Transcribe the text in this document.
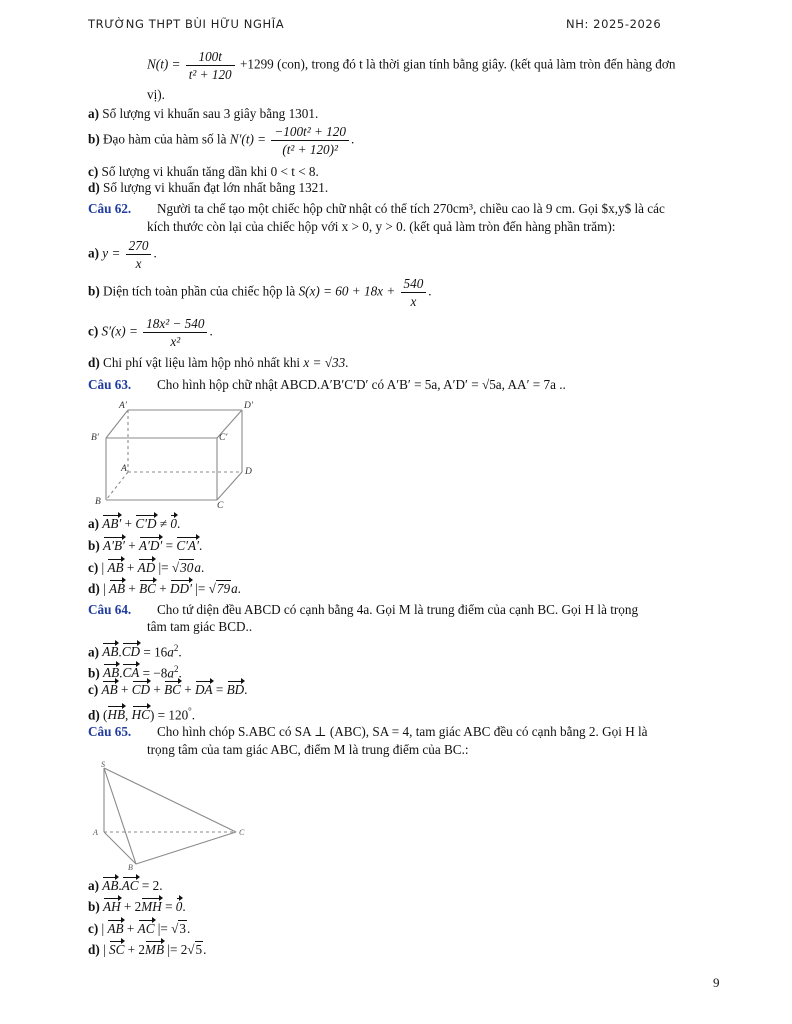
TRƯỜNG THPT BÙI HỮU NGHĨA	NH: 2025-2026
$N(t) = \frac{100t}{\text{t² + 120}} +1299$ (con), trong đó t là thời gian tính bằng giây. (kết quả làm tròn đến hàng đơn
vị).
a) Số lượng vi khuẩn sau 3 giây bằng 1301.
b) Đạo hàm của hàm số là $N'(t) = \frac{\text{−100t² + 120}}{\text{(t² + 120)²}}$ .
c) Số lượng vi khuẩn tăng dần khi 0 < t < 8.
d) Số lượng vi khuẩn đạt lớn nhất bằng 1321.
Câu 62. Người ta chế tạo một chiếc hộp chữ nhật có thể tích 270cm³, chiều cao là 9 cm. Gọi $x,y$ là các
kích thước còn lại của chiếc hộp với x > 0, y > 0. (kết quả làm tròn đến hàng phần trăm):
a) $y = \frac{270}{x}$ .
b) Diện tích toàn phần của chiếc hộp là $S(x) = 60 + 18x + \frac{540}{x}$ .
c) $S'(x) = \frac{\text{18x² − 540}}{\text{x²}}$ .
d) Chi phí vật liệu làm hộp nhỏ nhất khi x = √33.
Câu 63. Cho hình hộp chữ nhật ABCD.A′B′C′D′ có A′B′ = 5a, A′D′ = √5a, AA′ = 7a ..
A′	D′
B′	C′
A	D
B	C
a) AB′ + C′D ≠ 0.
b) A′B′ + A′D′ = C′A′.
c) | AB + AD |= √30a.
d) | AB + BC + DD′ |= √79a.
Câu 64. Cho tứ diện đều ABCD có cạnh bằng 4a. Gọi M là trung điểm của cạnh BC. Gọi H là trọng
tâm tam giác BCD..
a) $AB.CD = 16a^2$.
b) $AB.CA = -8a^2$.
c) AB + CD + BC + DA = BD.
d) (HB, HC) = 120°.
Câu 65. Cho hình chóp S.ABC có SA ⊥ (ABC), SA = 4, tam giác ABC đều có cạnh bằng 2. Gọi H là
trọng tâm của tam giác ABC, điểm M là trung điểm của BC.:
S
A
B
C
a) AB.AC = 2.
b) AH + 2MH = 0.
c) | AB + AC |= √3.
d) | SC + 2MB |= 2√5.
9
